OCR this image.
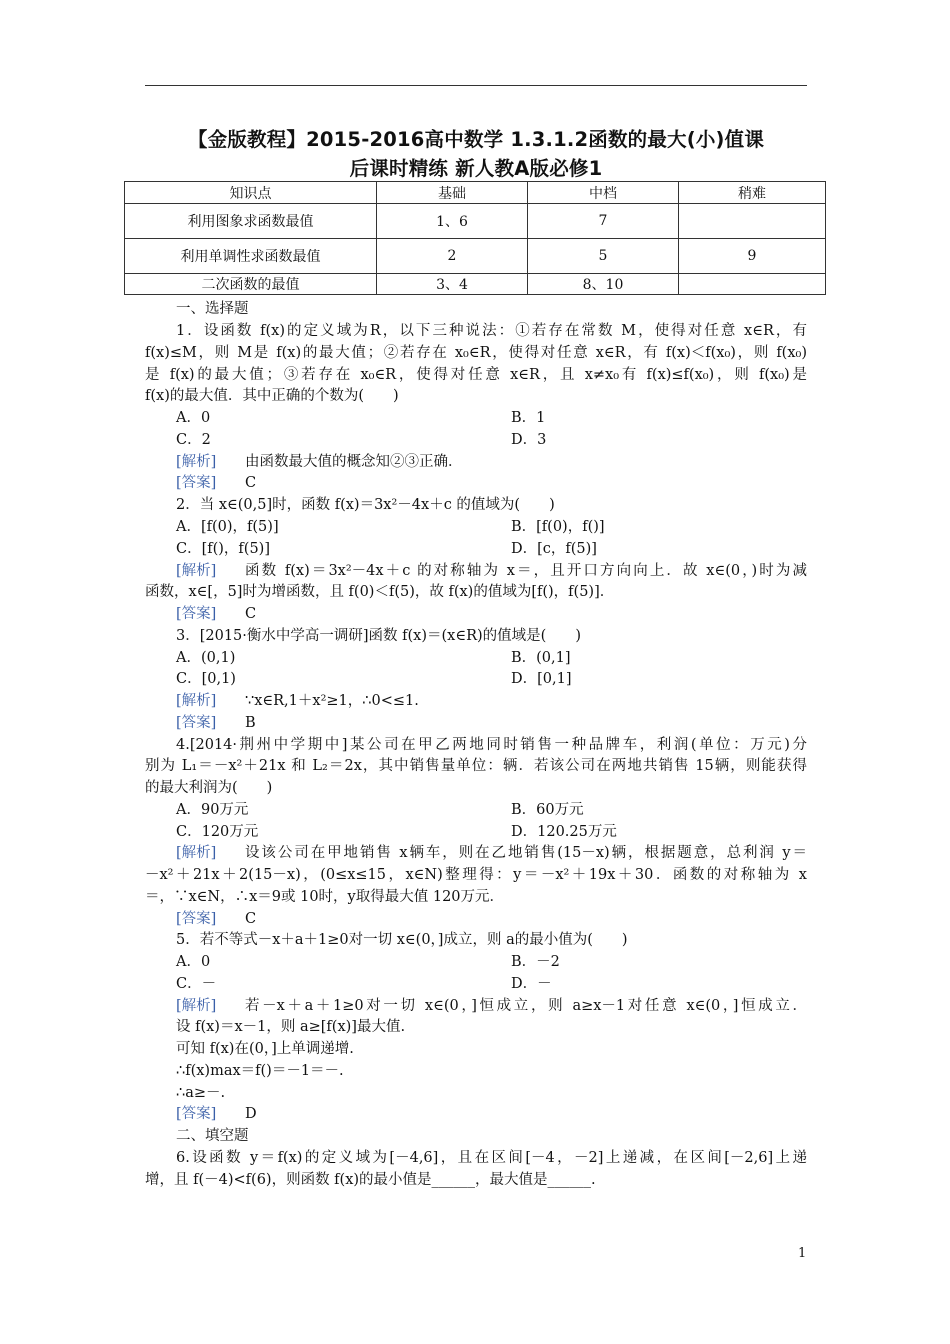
【金版教程】2015-2016高中数学 1.3.1.2函数的最大(小)值课
后课时精练 新人教A版必修1
知识点	基础	中档	稍难
利用图象求函数最值	1、6	7	
利用单调性求函数最值	2	5	9
二次函数的最值	3、4	8、10	
一、选择题
1．设函数 f(x)的定义域为R，以下三种说法：①若存在常数 M，使得对任意 x∈R，有
f(x)≤M，则 M是 f(x)的最大值；②若存在 x₀∈R，使得对任意 x∈R，有 f(x)＜f(x₀)，则 f(x₀)
是 f(x)的最大值；③若存在 x₀∈R，使得对任意 x∈R，且 x≠x₀有 f(x)≤f(x₀)，则 f(x₀)是
f(x)的最大值．其中正确的个数为(　　)
A．0	B．1
C．2	D．3
[解析] 由函数最大值的概念知②③正确．
[答案] C
2．当 x∈(0,5]时，函数 f(x)＝3x²－4x＋c 的值域为(　　)
A．[f(0)，f(5)]	B．[f(0)，f()]
C．[f()，f(5)]	D．[c，f(5)]
[解析] 函数 f(x)＝3x²－4x＋c 的对称轴为 x＝，且开口方向向上．故 x∈(0，)时为减
函数，x∈[，5]时为增函数，且 f(0)＜f(5)，故 f(x)的值域为[f()，f(5)]．
[答案] C
3．[2015·衡水中学高一调研]函数 f(x)＝(x∈R)的值域是(　　)
A．(0,1)	B．(0,1]
C．[0,1)	D．[0,1]
[解析] ∵x∈R,1＋x²≥1，∴0<≤1.
[答案] B
4.[2014·荆州中学期中]某公司在甲乙两地同时销售一种品牌车，利润(单位：万元)分
别为 L₁＝－x²＋21x 和 L₂＝2x，其中销售量单位：辆．若该公司在两地共销售 15辆，则能获得
的最大利润为(　　)
A．90万元	B．60万元
C．120万元	D．120.25万元
[解析] 设该公司在甲地销售 x辆车，则在乙地销售(15－x)辆，根据题意，总利润 y＝
－x²＋21x＋2(15－x)，(0≤x≤15，x∈N)整理得：y＝－x²＋19x＋30．函数的对称轴为 x
＝，∵x∈N，∴x＝9或 10时，y取得最大值 120万元．
[答案] C
5．若不等式－x＋a＋1≥0对一切 x∈(0，]成立，则 a的最小值为(　　)
A．0	B．－2
C．－	D．－
[解析] 若－x＋a＋1≥0对一切 x∈(0，]恒成立，则 a≥x－1对任意 x∈(0，]恒成立．
设 f(x)＝x－1，则 a≥[f(x)]最大值.
可知 f(x)在(0，]上单调递增.
∴f(x)max＝f()＝－1＝－.
∴a≥－.
[答案] D
二、填空题
6.设函数 y＝f(x)的定义域为[－4,6]，且在区间[－4，－2]上递减，在区间[－2,6]上递
增，且 f(－4)<f(6)，则函数 f(x)的最小值是______，最大值是______.
1
